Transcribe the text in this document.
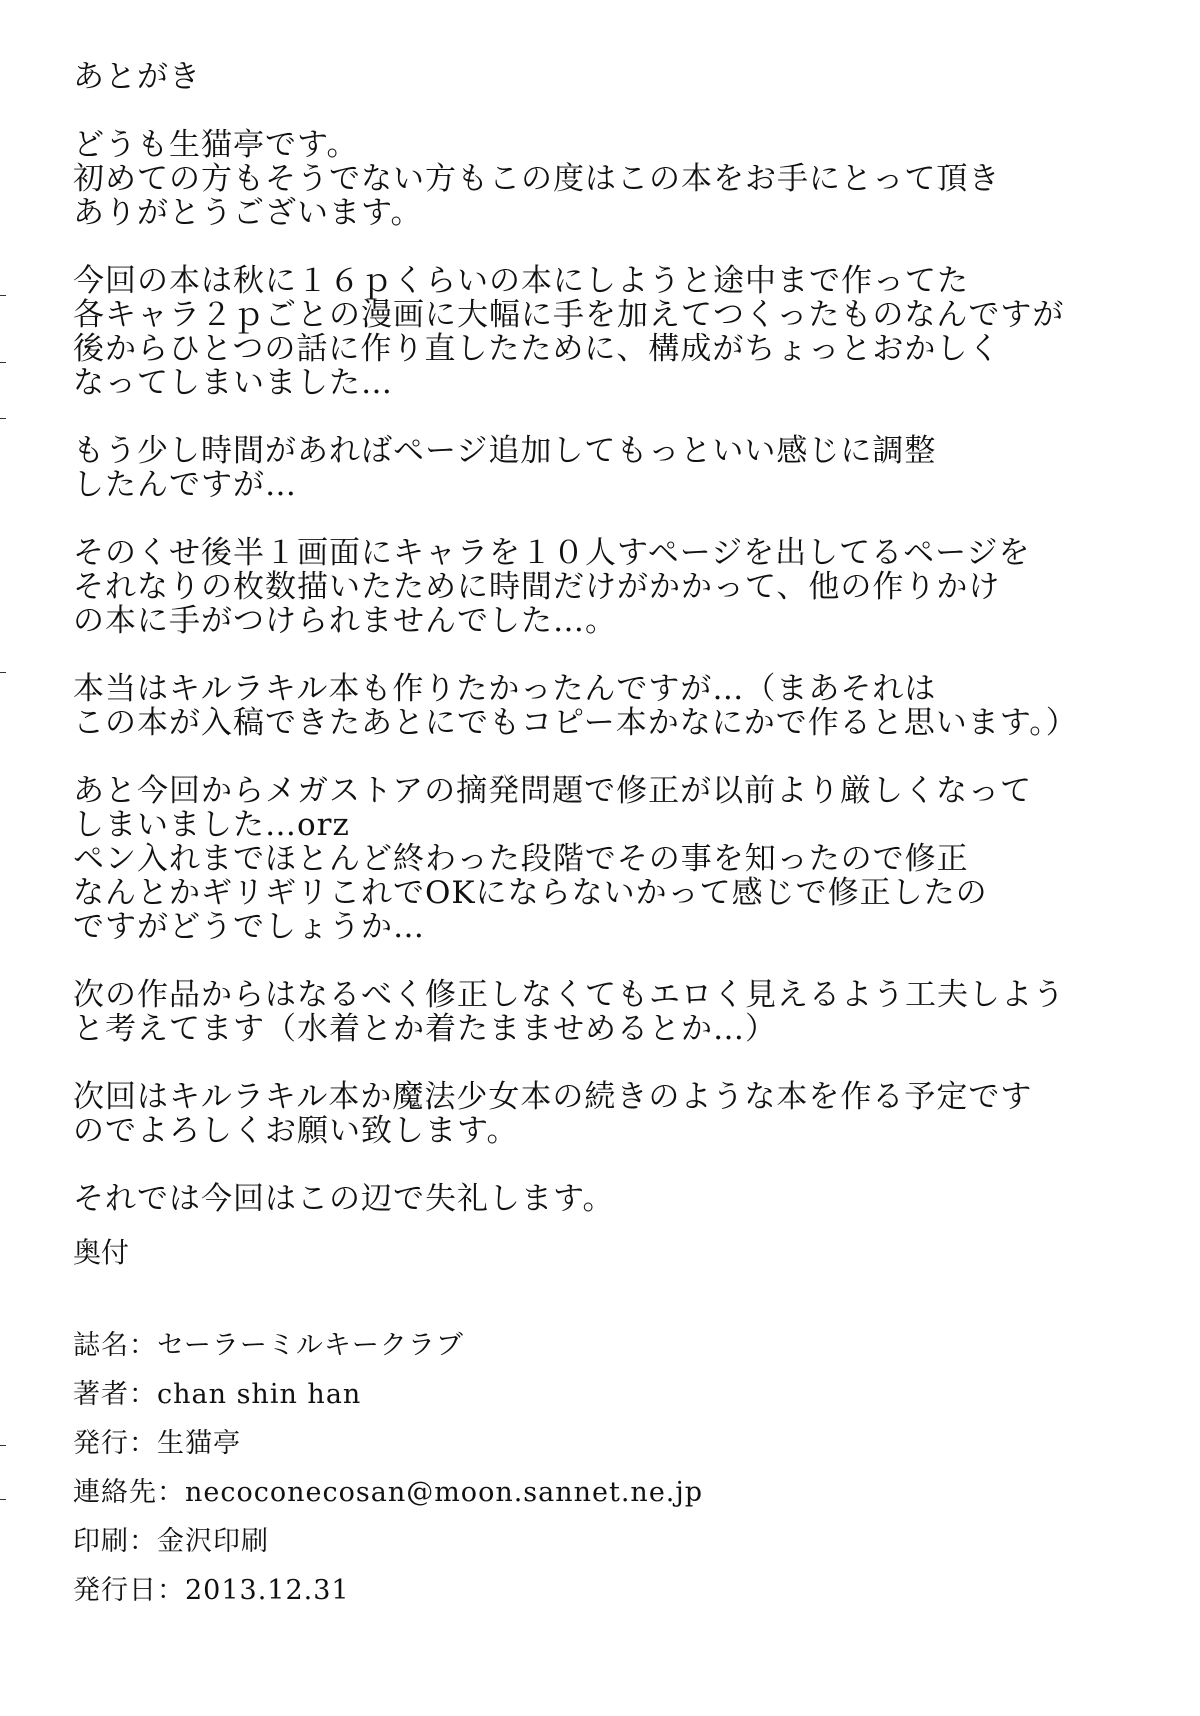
あとがき
どうも生猫亭です。
初めての方もそうでない方もこの度はこの本をお手にとって頂き
ありがとうございます。
今回の本は秋に１６ｐくらいの本にしようと途中まで作ってた
各キャラ２ｐごとの漫画に大幅に手を加えてつくったものなんですが
後からひとつの話に作り直したために、構成がちょっとおかしく
なってしまいました…
もう少し時間があればページ追加してもっといい感じに調整
したんですが…
そのくせ後半１画面にキャラを１０人すページを出してるページを
それなりの枚数描いたために時間だけがかかって、他の作りかけ
の本に手がつけられませんでした…。
本当はキルラキル本も作りたかったんですが…（まあそれは
この本が入稿できたあとにでもコピー本かなにかで作ると思います。）
あと今回からメガストアの摘発問題で修正が以前より厳しくなって
しまいました…orz
ペン入れまでほとんど終わった段階でその事を知ったので修正
なんとかギリギリこれでOKにならないかって感じで修正したの
ですがどうでしょうか…
次の作品からはなるべく修正しなくてもエロく見えるよう工夫しよう
と考えてます（水着とか着たまませめるとか…）
次回はキルラキル本か魔法少女本の続きのような本を作る予定です
のでよろしくお願い致します。
それでは今回はこの辺で失礼します。
奥付
誌名：セーラーミルキークラブ
著者：chan shin han
発行：生猫亭
連絡先：necoconecosan@moon.sannet.ne.jp
印刷：金沢印刷
発行日：2013.12.31
